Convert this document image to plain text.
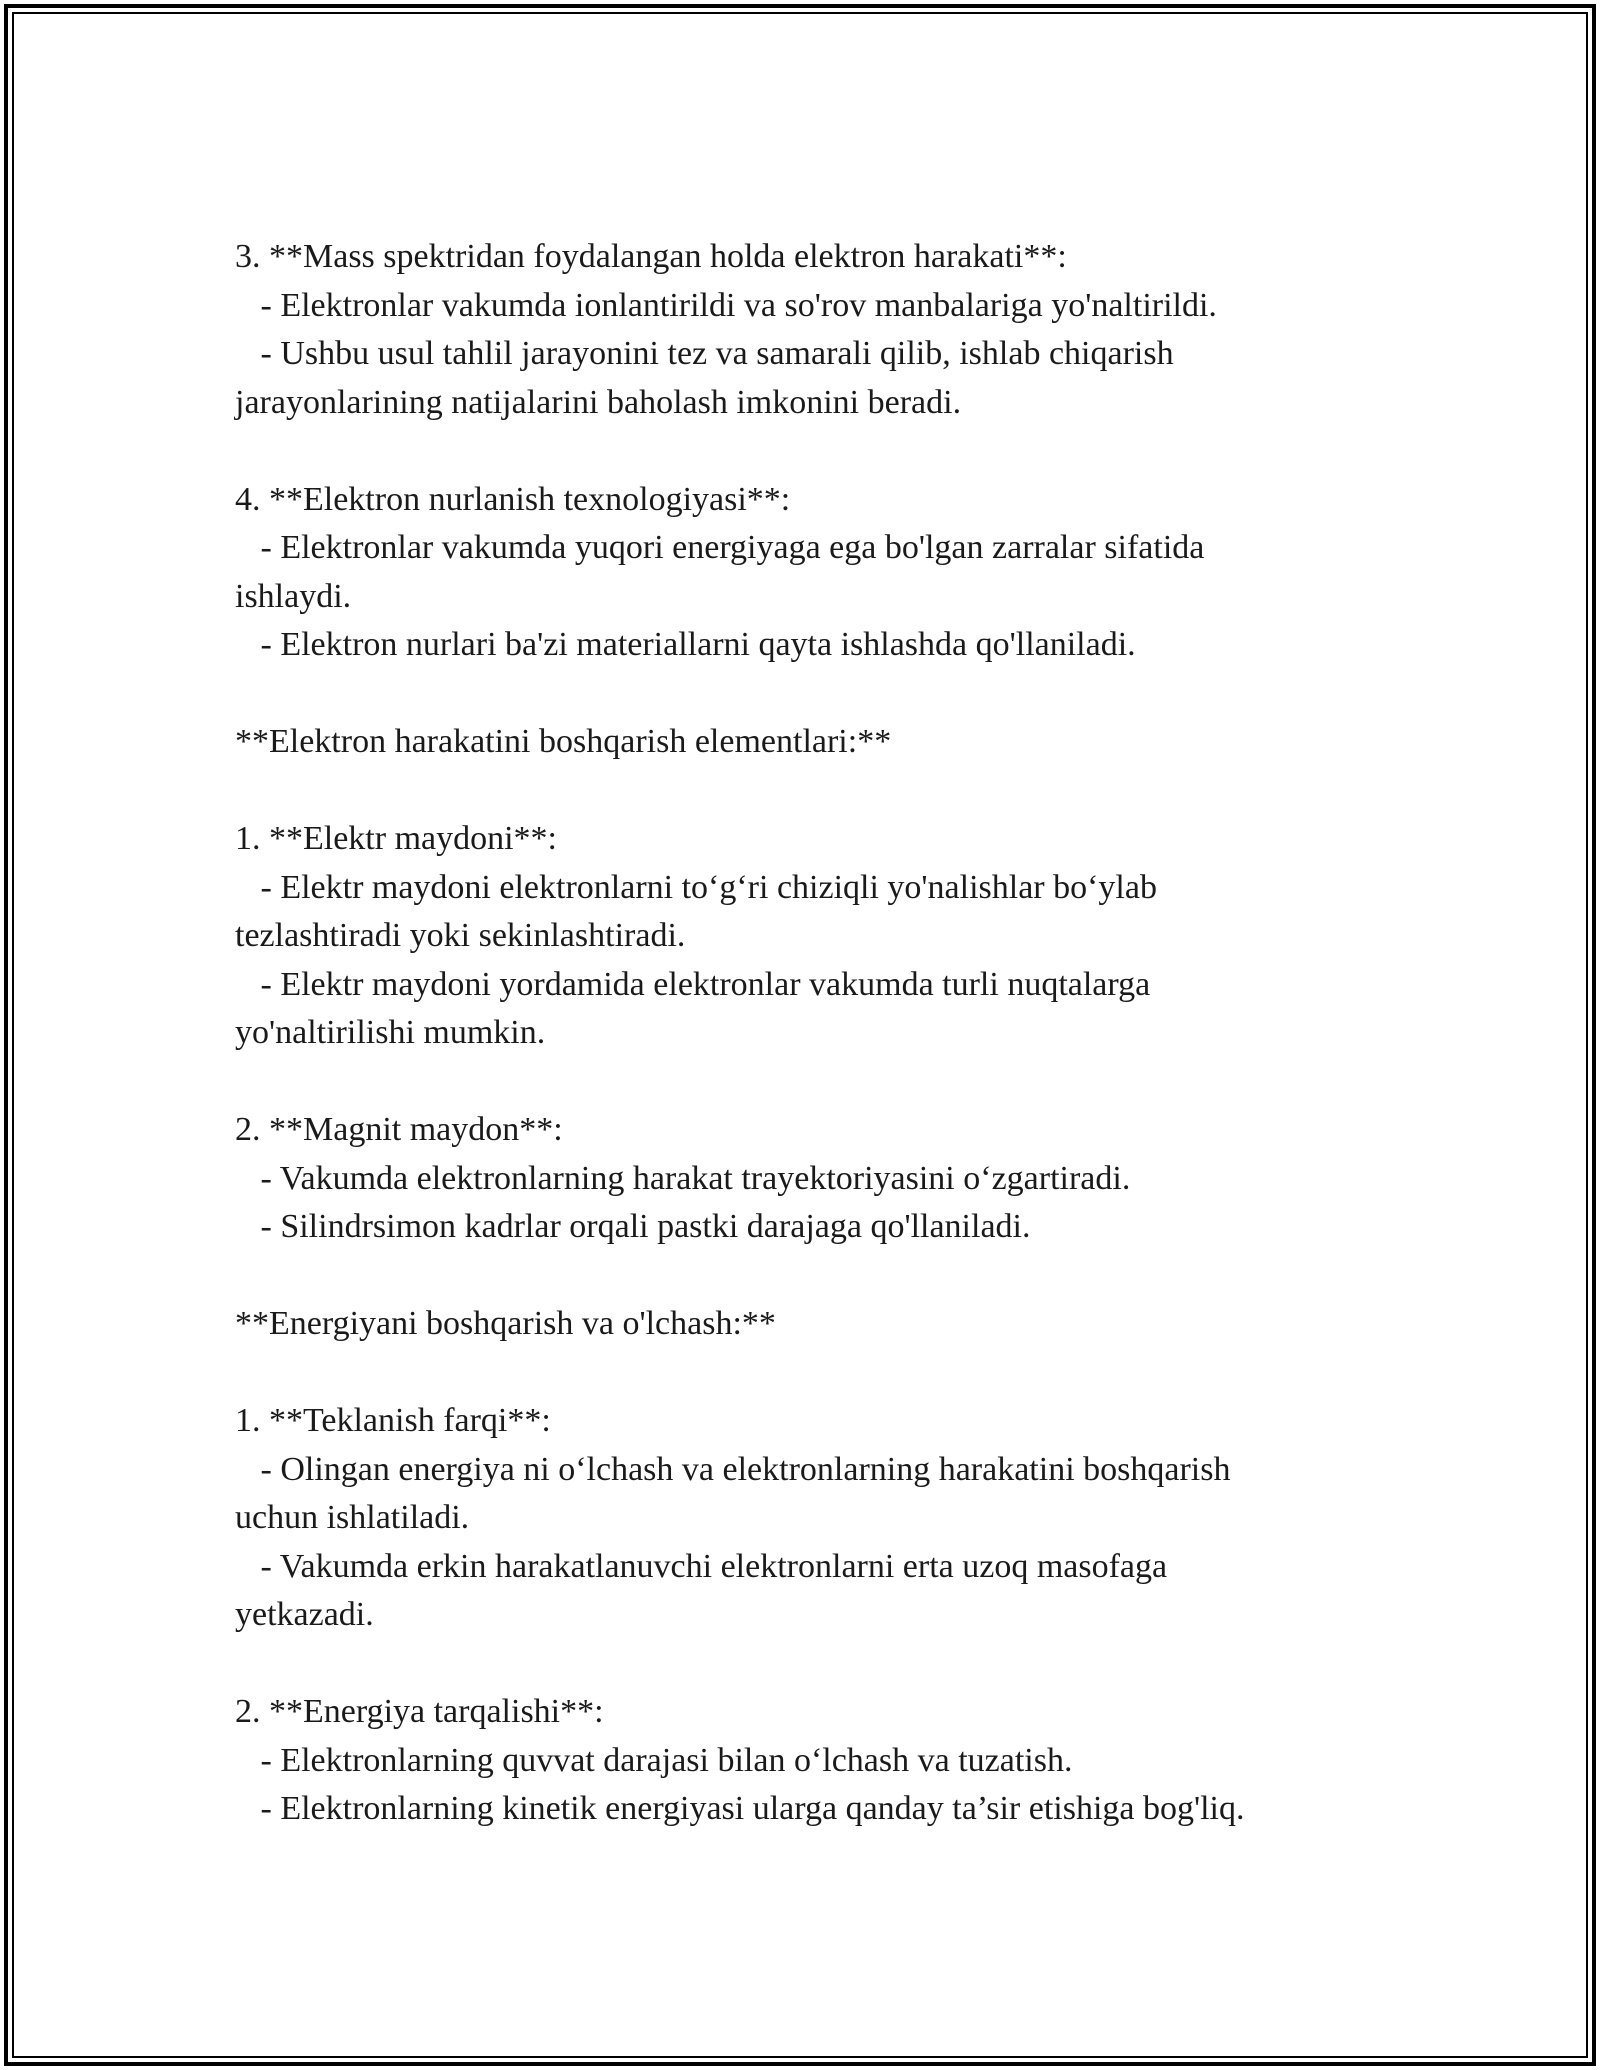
3. **Mass spektridan foydalangan holda elektron harakati**:
- Elektronlar vakumda ionlantirildi va so'rov manbalariga yo'naltirildi.
- Ushbu usul tahlil jarayonini tez va samarali qilib, ishlab chiqarish
jarayonlarining natijalarini baholash imkonini beradi.
4. **Elektron nurlanish texnologiyasi**:
- Elektronlar vakumda yuqori energiyaga ega bo'lgan zarralar sifatida
ishlaydi.
- Elektron nurlari ba'zi materiallarni qayta ishlashda qo'llaniladi.
**Elektron harakatini boshqarish elementlari:**
1. **Elektr maydoni**:
- Elektr maydoni elektronlarni to‘g‘ri chiziqli yo'nalishlar bo‘ylab
tezlashtiradi yoki sekinlashtiradi.
- Elektr maydoni yordamida elektronlar vakumda turli nuqtalarga
yo'naltirilishi mumkin.
2. **Magnit maydon**:
- Vakumda elektronlarning harakat trayektoriyasini o‘zgartiradi.
- Silindrsimon kadrlar orqali pastki darajaga qo'llaniladi.
**Energiyani boshqarish va o'lchash:**
1. **Teklanish farqi**:
- Olingan energiya ni o‘lchash va elektronlarning harakatini boshqarish
uchun ishlatiladi.
- Vakumda erkin harakatlanuvchi elektronlarni erta uzoq masofaga
yetkazadi.
2. **Energiya tarqalishi**:
- Elektronlarning quvvat darajasi bilan o‘lchash va tuzatish.
- Elektronlarning kinetik energiyasi ularga qanday ta’sir etishiga bog'liq.
